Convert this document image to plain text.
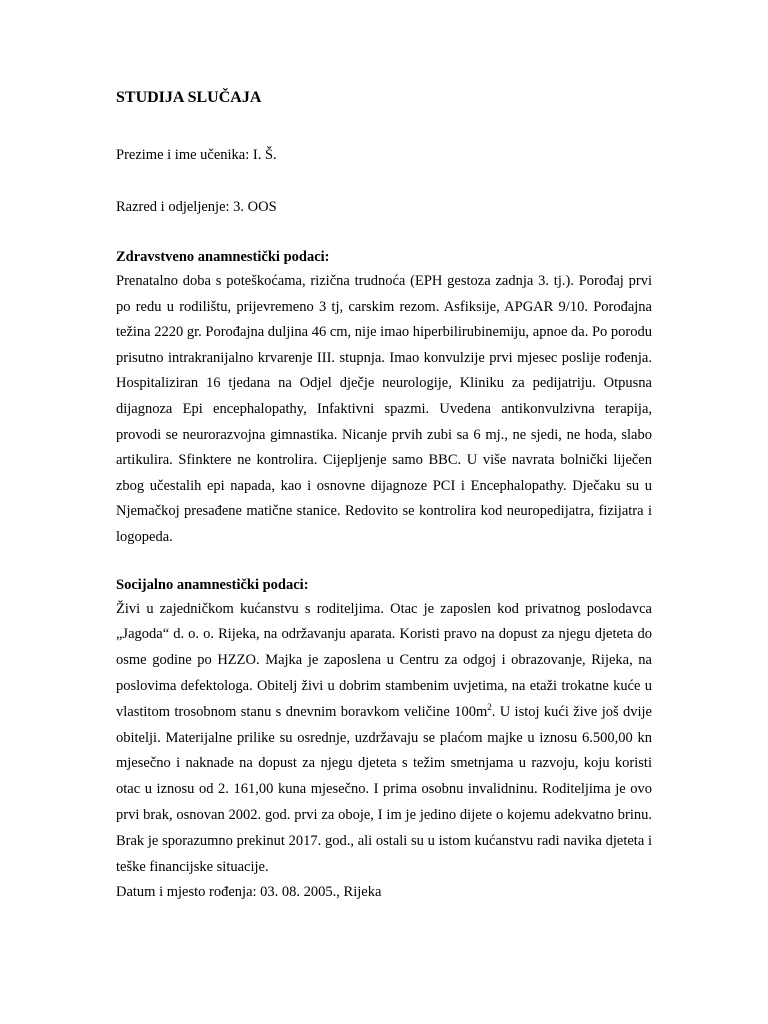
STUDIJA SLUČAJA

Prezime i ime učenika: I. Š.

Razred i odjeljenje: 3. OOS

Zdravstveno anamnestički podaci:

Prenatalno doba s poteškoćama, rizična trudnoća (EPH gestoza zadnja 3. tj.). Porođaj prvi po redu u rodilištu, prijevremeno 3 tj, carskim rezom. Asfiksije, APGAR 9/10. Porođajna težina 2220 gr. Porođajna duljina 46 cm, nije imao hiperbilirubinemiju, apnoe da. Po porodu prisutno intrakranijalno krvarenje III. stupnja. Imao konvulzije prvi mjesec poslije rođenja. Hospitaliziran 16 tjedana na Odjel dječje neurologije, Kliniku za pedijatriju. Otpusna dijagnoza Epi encephalopathy, Infaktivni spazmi. Uvedena antikonvulzivna terapija, provodi se neurorazvojna gimnastika. Nicanje prvih zubi sa 6 mj., ne sjedi, ne hoda, slabo artikulira. Sfinktere ne kontrolira. Cijepljenje samo BBC. U više navrata bolnički liječen zbog učestalih epi napada, kao i osnovne dijagnoze PCI i Encephalopathy. Dječaku su u Njemačkoj presađene matične stanice. Redovito se kontrolira kod neuropedijatra, fizijatra i logopeda.

Socijalno anamnestički podaci:

Živi u zajedničkom kućanstvu s roditeljima. Otac je zaposlen kod privatnog poslodavca „Jagoda“ d. o. o. Rijeka, na održavanju aparata. Koristi pravo na dopust za njegu djeteta do osme godine po HZZO. Majka je zaposlena u Centru za odgoj i obrazovanje, Rijeka, na poslovima defektologa. Obitelj živi u dobrim stambenim uvjetima, na etaži trokatne kuće u vlastitom trosobnom stanu s dnevnim boravkom veličine $100m^2$. U istoj kući žive još dvije obitelji. Materijalne prilike su osrednje, uzdržavaju se plaćom majke u iznosu 6.500,00 kn mjesečno i naknade na dopust za njegu djeteta s težim smetnjama u razvoju, koju koristi otac u iznosu od 2. 161,00 kuna mjesečno. I prima osobnu invalidninu. Roditeljima je ovo prvi brak, osnovan 2002. god. prvi za oboje, I im je jedino dijete o kojemu adekvatno brinu. Brak je sporazumno prekinut 2017. god., ali ostali su u istom kućanstvu radi navika djeteta i teške financijske situacije.

Datum i mjesto rođenja: 03. 08. 2005., Rijeka
